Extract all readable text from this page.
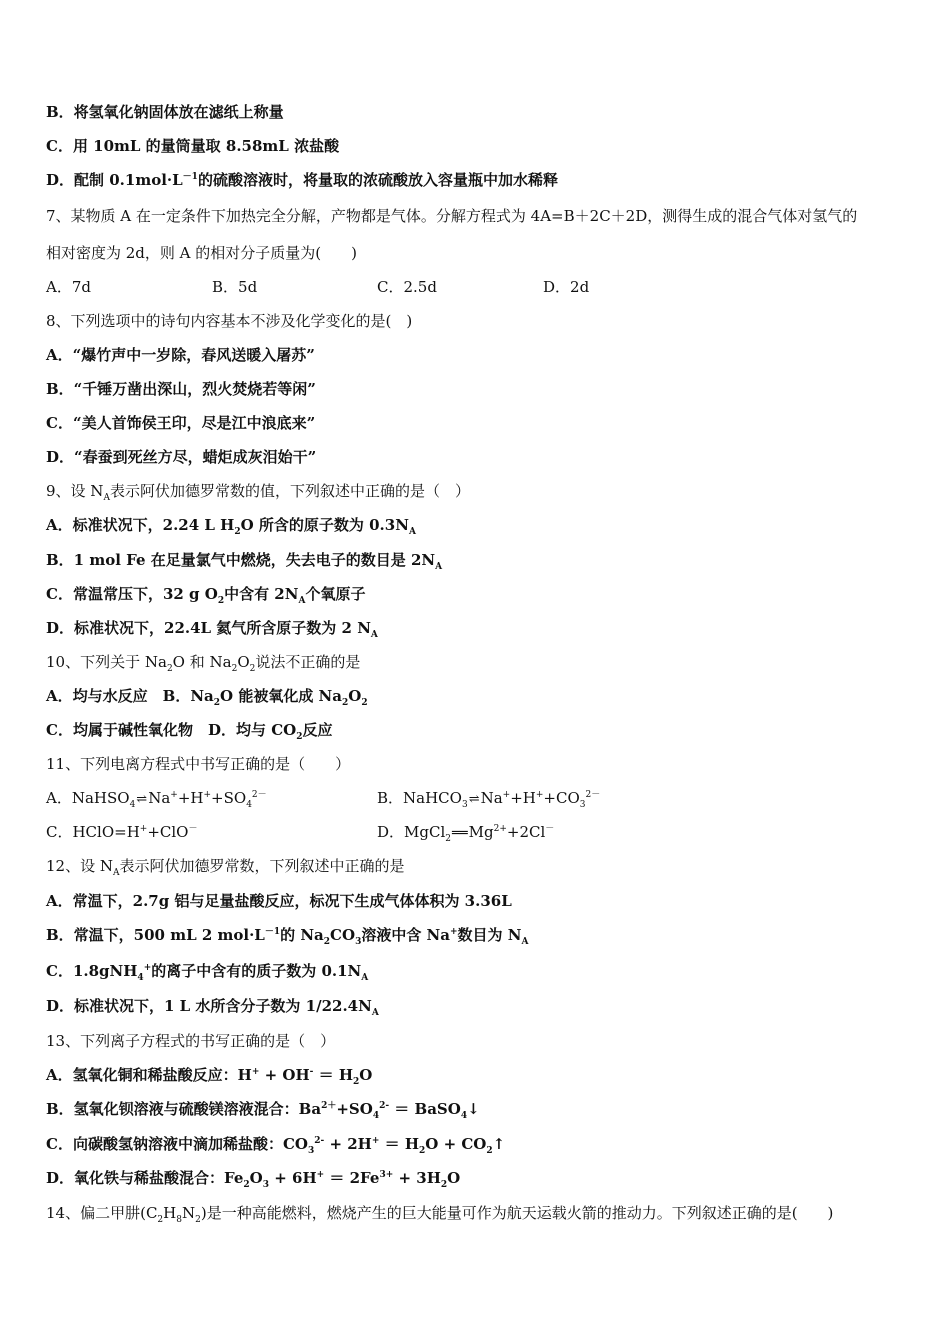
B．将氢氧化钠固体放在滤纸上称量
C．用 10mL 的量筒量取 8.58mL 浓盐酸
D．配制 $0.1mol\cdot L^{-1}$的硫酸溶液时，将量取的浓硫酸放入容量瓶中加水稀释
7、某物质 A 在一定条件下加热完全分解，产物都是气体。分解方程式为 4A=B＋2C＋2D，测得生成的混合气体对氢气的
相对密度为 2d，则 A 的相对分子质量为(　　)
A．7d	B．5d	C．2.5d	D．2d
8、下列选项中的诗句内容基本不涉及化学变化的是(　)
A．“爆竹声中一岁除，春风送暖入屠苏”
B．“千锤万凿出深山，烈火焚烧若等闲”
C．“美人首饰侯王印，尽是江中浪底来”
D．“春蚕到死丝方尽，蜡炬成灰泪始干”
9、设 $N_A$表示阿伏加德罗常数的值，下列叙述中正确的是（　）
A．标准状况下，2.24 L $H_2O$ 所含的原子数为 $0.3N_A$
B．1 mol Fe 在足量氯气中燃烧，失去电子的数目是 $2N_A$
C．常温常压下，32 g $O_2$中含有 $2N_A$个氧原子
D．标准状况下，22.4L 氦气所含原子数为 2 $N_A$
10、下列关于 $Na_2O$ 和 $Na_2O_2$说法不正确的是
A．均与水反应　 B．$Na_2O$ 能被氧化成 $Na_2O_2$
C．均属于碱性氧化物　 D．均与 $CO_2$反应
11、下列电离方程式中书写正确的是（　　）
A．$NaHSO_4\rightleftharpoons Na^++H^++SO_4^{2-}$	B．$NaHCO_3\rightleftharpoons Na^++H^++CO_3^{2-}$
C．HClO=H++ClO－	D．$MgCl_2══Mg^{2+}+2Cl^-$
12、设 $N_A$表示阿伏加德罗常数，下列叙述中正确的是
A．常温下，2.7g 铝与足量盐酸反应，标况下生成气体体积为 3.36L
B．常温下，500 mL 2 $mol\cdot L^{-1}$的 $Na_2CO_3$溶液中含 Na+数目为 $N_A$
C．1.8gNH$_4$+的离子中含有的质子数为 $0.1N_A$
D．标准状况下，1 L 水所含分子数为 $1/22.4N_A$
13、下列离子方程式的书写正确的是（　）
A．氢氧化铜和稀盐酸反应：$H^+ + OH^- = H_2O$
B．氢氧化钡溶液与硫酸镁溶液混合：$Ba^{2+}+SO_4^{2-}$ ＝ BaSO$_4$↓
C．向碳酸氢钠溶液中滴加稀盐酸：$CO_3^{2-} + 2H^+ = H_2O$ + $CO_2↑$
D．氧化铁与稀盐酸混合：$Fe_2O_3 + 6H^+ = 2Fe^{3+} + 3H_2O$
14、偏二甲肼$(C_2H_8N_2)$是一种高能燃料，燃烧产生的巨大能量可作为航天运载火箭的推动力。下列叙述正确的是(　　)
